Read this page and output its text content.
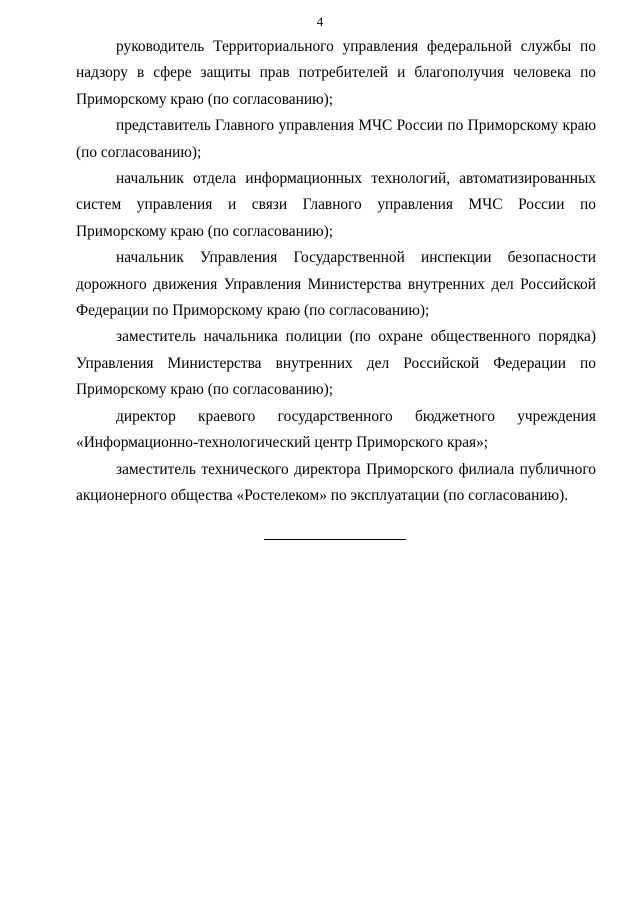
4

руководитель Территориального управления федеральной службы по надзору в сфере защиты прав потребителей и благополучия человека по Приморскому краю (по согласованию);

представитель Главного управления МЧС России по Приморскому краю (по согласованию);

начальник отдела информационных технологий, автоматизированных систем управления и связи Главного управления МЧС России по Приморскому краю (по согласованию);

начальник Управления Государственной инспекции безопасности дорожного движения Управления Министерства внутренних дел Российской Федерации по Приморскому краю (по согласованию);

заместитель начальника полиции (по охране общественного порядка) Управления Министерства внутренних дел Российской Федерации по Приморскому краю (по согласованию);

директор краевого государственного бюджетного учреждения «Информационно-технологический центр Приморского края»;

заместитель технического директора Приморского филиала публичного акционерного общества «Ростелеком» по эксплуатации (по согласованию).
